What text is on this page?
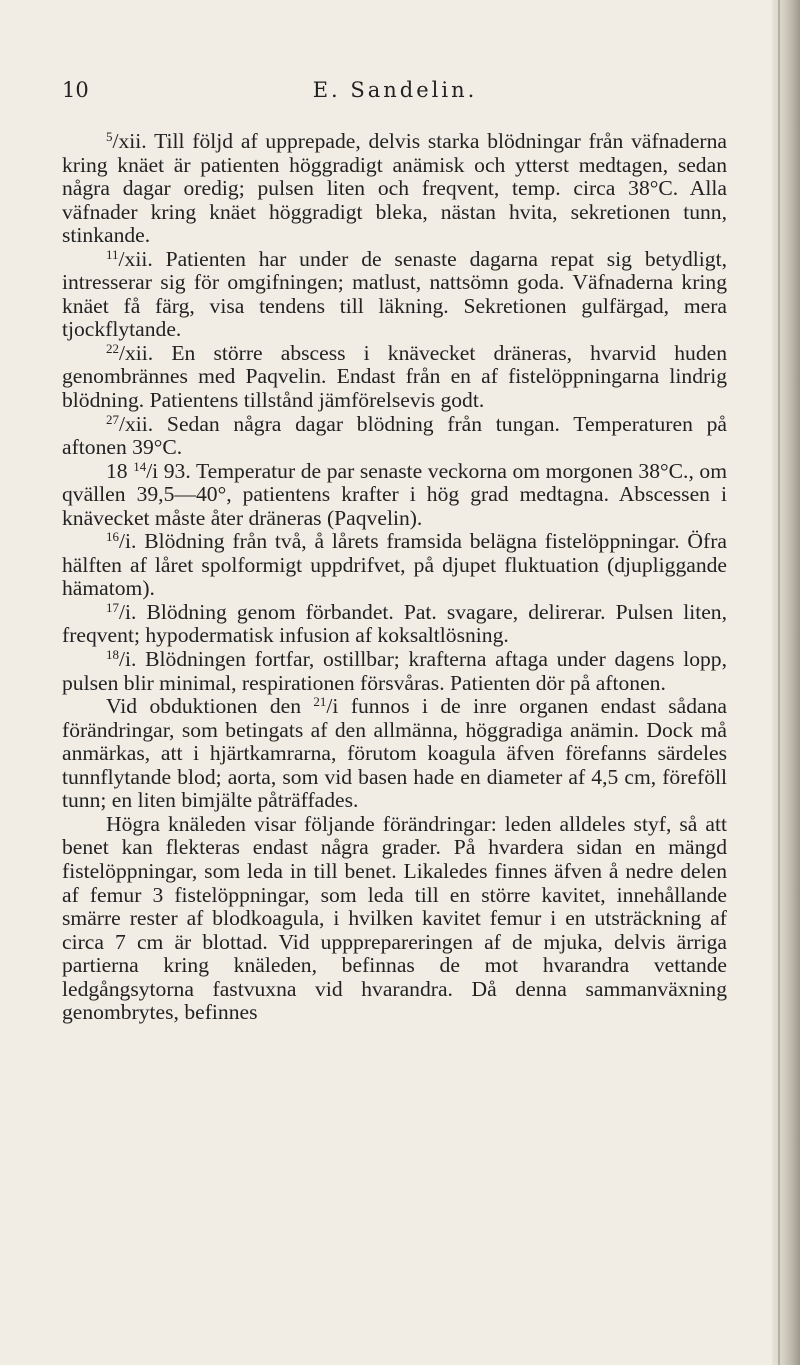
10	E. Sandelin.

$^5$/xii. Till följd af upprepade, delvis starka blödningar från väfnaderna kring knäet är patienten höggradigt anämisk och ytterst medtagen, sedan några dagar oredig; pulsen liten och freqvent, temp. circa 38°C. Alla väfnader kring knäet höggradigt bleka, nästan hvita, sekretionen tunn, stinkande.

$^{11}$/xii. Patienten har under de senaste dagarna repat sig betydligt, intresserar sig för omgifningen; matlust, nattsömn goda. Väfnaderna kring knäet få färg, visa tendens till läkning. Sekretionen gulfärgad, mera tjockflytande.

$^{22}$/xii. En större abscess i knävecket dräneras, hvarvid huden genombrännes med Paqvelin. Endast från en af fistelöppningarna lindrig blödning. Patientens tillstånd jämförelsevis godt.

$^{27}$/xii. Sedan några dagar blödning från tungan. Temperaturen på aftonen 39°C.

18 $^{14}$/i 93. Temperatur de par senaste veckorna om morgonen 38°C., om qvällen 39,5—40°, patientens krafter i hög grad medtagna. Abscessen i knävecket måste åter dräneras (Paqvelin).

$^{16}$/i. Blödning från två, å lårets framsida belägna fistelöppningar. Öfra hälften af låret spolformigt uppdrifvet, på djupet fluktuation (djupliggande hämatom).

$^{17}$/i. Blödning genom förbandet. Pat. svagare, delirerar. Pulsen liten, freqvent; hypodermatisk infusion af koksaltlösning.

$^{18}$/i. Blödningen fortfar, ostillbar; krafterna aftaga under dagens lopp, pulsen blir minimal, respirationen försvåras. Patienten dör på aftonen.

Vid obduktionen den $^{21}$/i funnos i de inre organen endast sådana förändringar, som betingats af den allmänna, höggradiga anämin. Dock må anmärkas, att i hjärtkamrarna, förutom koagula äfven förefanns särdeles tunnflytande blod; aorta, som vid basen hade en diameter af 4,5 cm, föreföll tunn; en liten bimjälte påträffades.

Högra knäleden visar följande förändringar: leden alldeles styf, så att benet kan flekteras endast några grader. På hvardera sidan en mängd fistelöppningar, som leda in till benet. Likaledes finnes äfven å nedre delen af femur 3 fistelöppningar, som leda till en större kavitet, innehållande smärre rester af blodkoagula, i hvilken kavitet femur i en utsträckning af circa 7 cm är blottad. Vid uppprepareringen af de mjuka, delvis ärriga partierna kring knäleden, befinnas de mot hvarandra vettande ledgångsytorna fastvuxna vid hvarandra. Då denna sammanväxning genombrytes, befinnes
